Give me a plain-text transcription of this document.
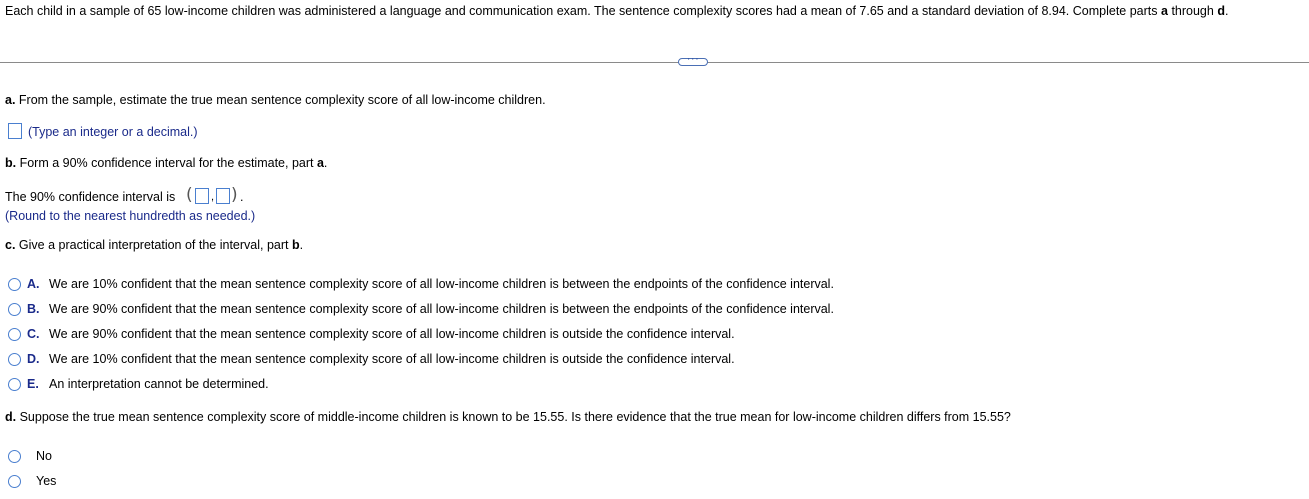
Each child in a sample of 65 low-income children was administered a language and communication exam. The sentence complexity scores had a mean of 7.65 and a standard deviation of 8.94. Complete parts a through d.
···
a. From the sample, estimate the true mean sentence complexity score of all low-income children.
(Type an integer or a decimal.)
b. Form a 90% confidence interval for the estimate, part a.
The 90% confidence interval is ( , ) .
(Round to the nearest hundredth as needed.)
c. Give a practical interpretation of the interval, part b.
A. We are 10% confident that the mean sentence complexity score of all low-income children is between the endpoints of the confidence interval.
B. We are 90% confident that the mean sentence complexity score of all low-income children is between the endpoints of the confidence interval.
C. We are 90% confident that the mean sentence complexity score of all low-income children is outside the confidence interval.
D. We are 10% confident that the mean sentence complexity score of all low-income children is outside the confidence interval.
E. An interpretation cannot be determined.
d. Suppose the true mean sentence complexity score of middle-income children is known to be 15.55. Is there evidence that the true mean for low-income children differs from 15.55?
No
Yes
